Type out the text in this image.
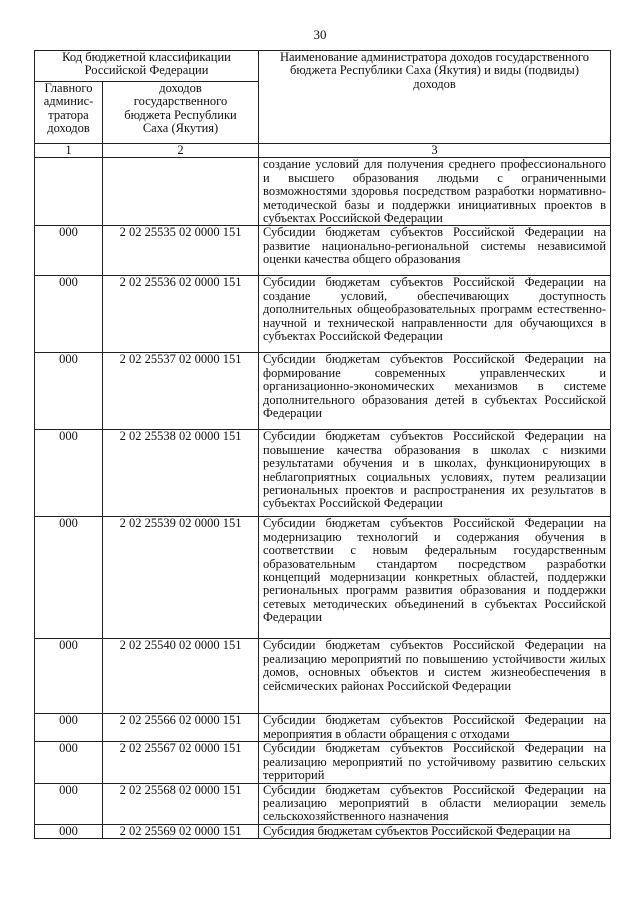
30
Код бюджетной классификации Российской Федерации		Наименование администратора доходов государственного бюджета Республики Саха (Якутия) и виды (подвиды) доходов
Главного админис-тратора доходов	доходов государственного бюджета Республики Саха (Якутия)	
1	2	3
		создание условий для получения среднего профессионального и высшего образования людьми с ограниченными возможностями здоровья посредством разработки нормативно-методической базы и поддержки инициативных проектов в субъектах Российской Федерации
000	2 02 25535 02 0000 151	Субсидии бюджетам субъектов Российской Федерации на развитие национально-региональной системы независимой оценки качества общего образования
000	2 02 25536 02 0000 151	Субсидии бюджетам субъектов Российской Федерации на создание условий, обеспечивающих доступность дополнительных общеобразовательных программ естественно-научной и технической направленности для обучающихся в субъектах Российской Федерации
000	2 02 25537 02 0000 151	Субсидии бюджетам субъектов Российской Федерации на формирование современных управленческих и организационно-экономических механизмов в системе дополнительного образования детей в субъектах Российской Федерации
000	2 02 25538 02 0000 151	Субсидии бюджетам субъектов Российской Федерации на повышение качества образования в школах с низкими результатами обучения и в школах, функционирующих в неблагоприятных социальных условиях, путем реализации региональных проектов и распространения их результатов в субъектах Российской Федерации
000	2 02 25539 02 0000 151	Субсидии бюджетам субъектов Российской Федерации на модернизацию технологий и содержания обучения в соответствии с новым федеральным государственным образовательным стандартом посредством разработки концепций модернизации конкретных областей, поддержки региональных программ развития образования и поддержки сетевых методических объединений в субъектах Российской Федерации
000	2 02 25540 02 0000 151	Субсидии бюджетам субъектов Российской Федерации на реализацию мероприятий по повышению устойчивости жилых домов, основных объектов и систем жизнеобеспечения в сейсмических районах Российской Федерации
000	2 02 25566 02 0000 151	Субсидии бюджетам субъектов Российской Федерации на мероприятия в области обращения с отходами
000	2 02 25567 02 0000 151	Субсидии бюджетам субъектов Российской Федерации на реализацию мероприятий по устойчивому развитию сельских территорий
000	2 02 25568 02 0000 151	Субсидии бюджетам субъектов Российской Федерации на реализацию мероприятий в области мелиорации земель сельскохозяйственного назначения
000	2 02 25569 02 0000 151	Субсидия бюджетам субъектов Российской Федерации на
